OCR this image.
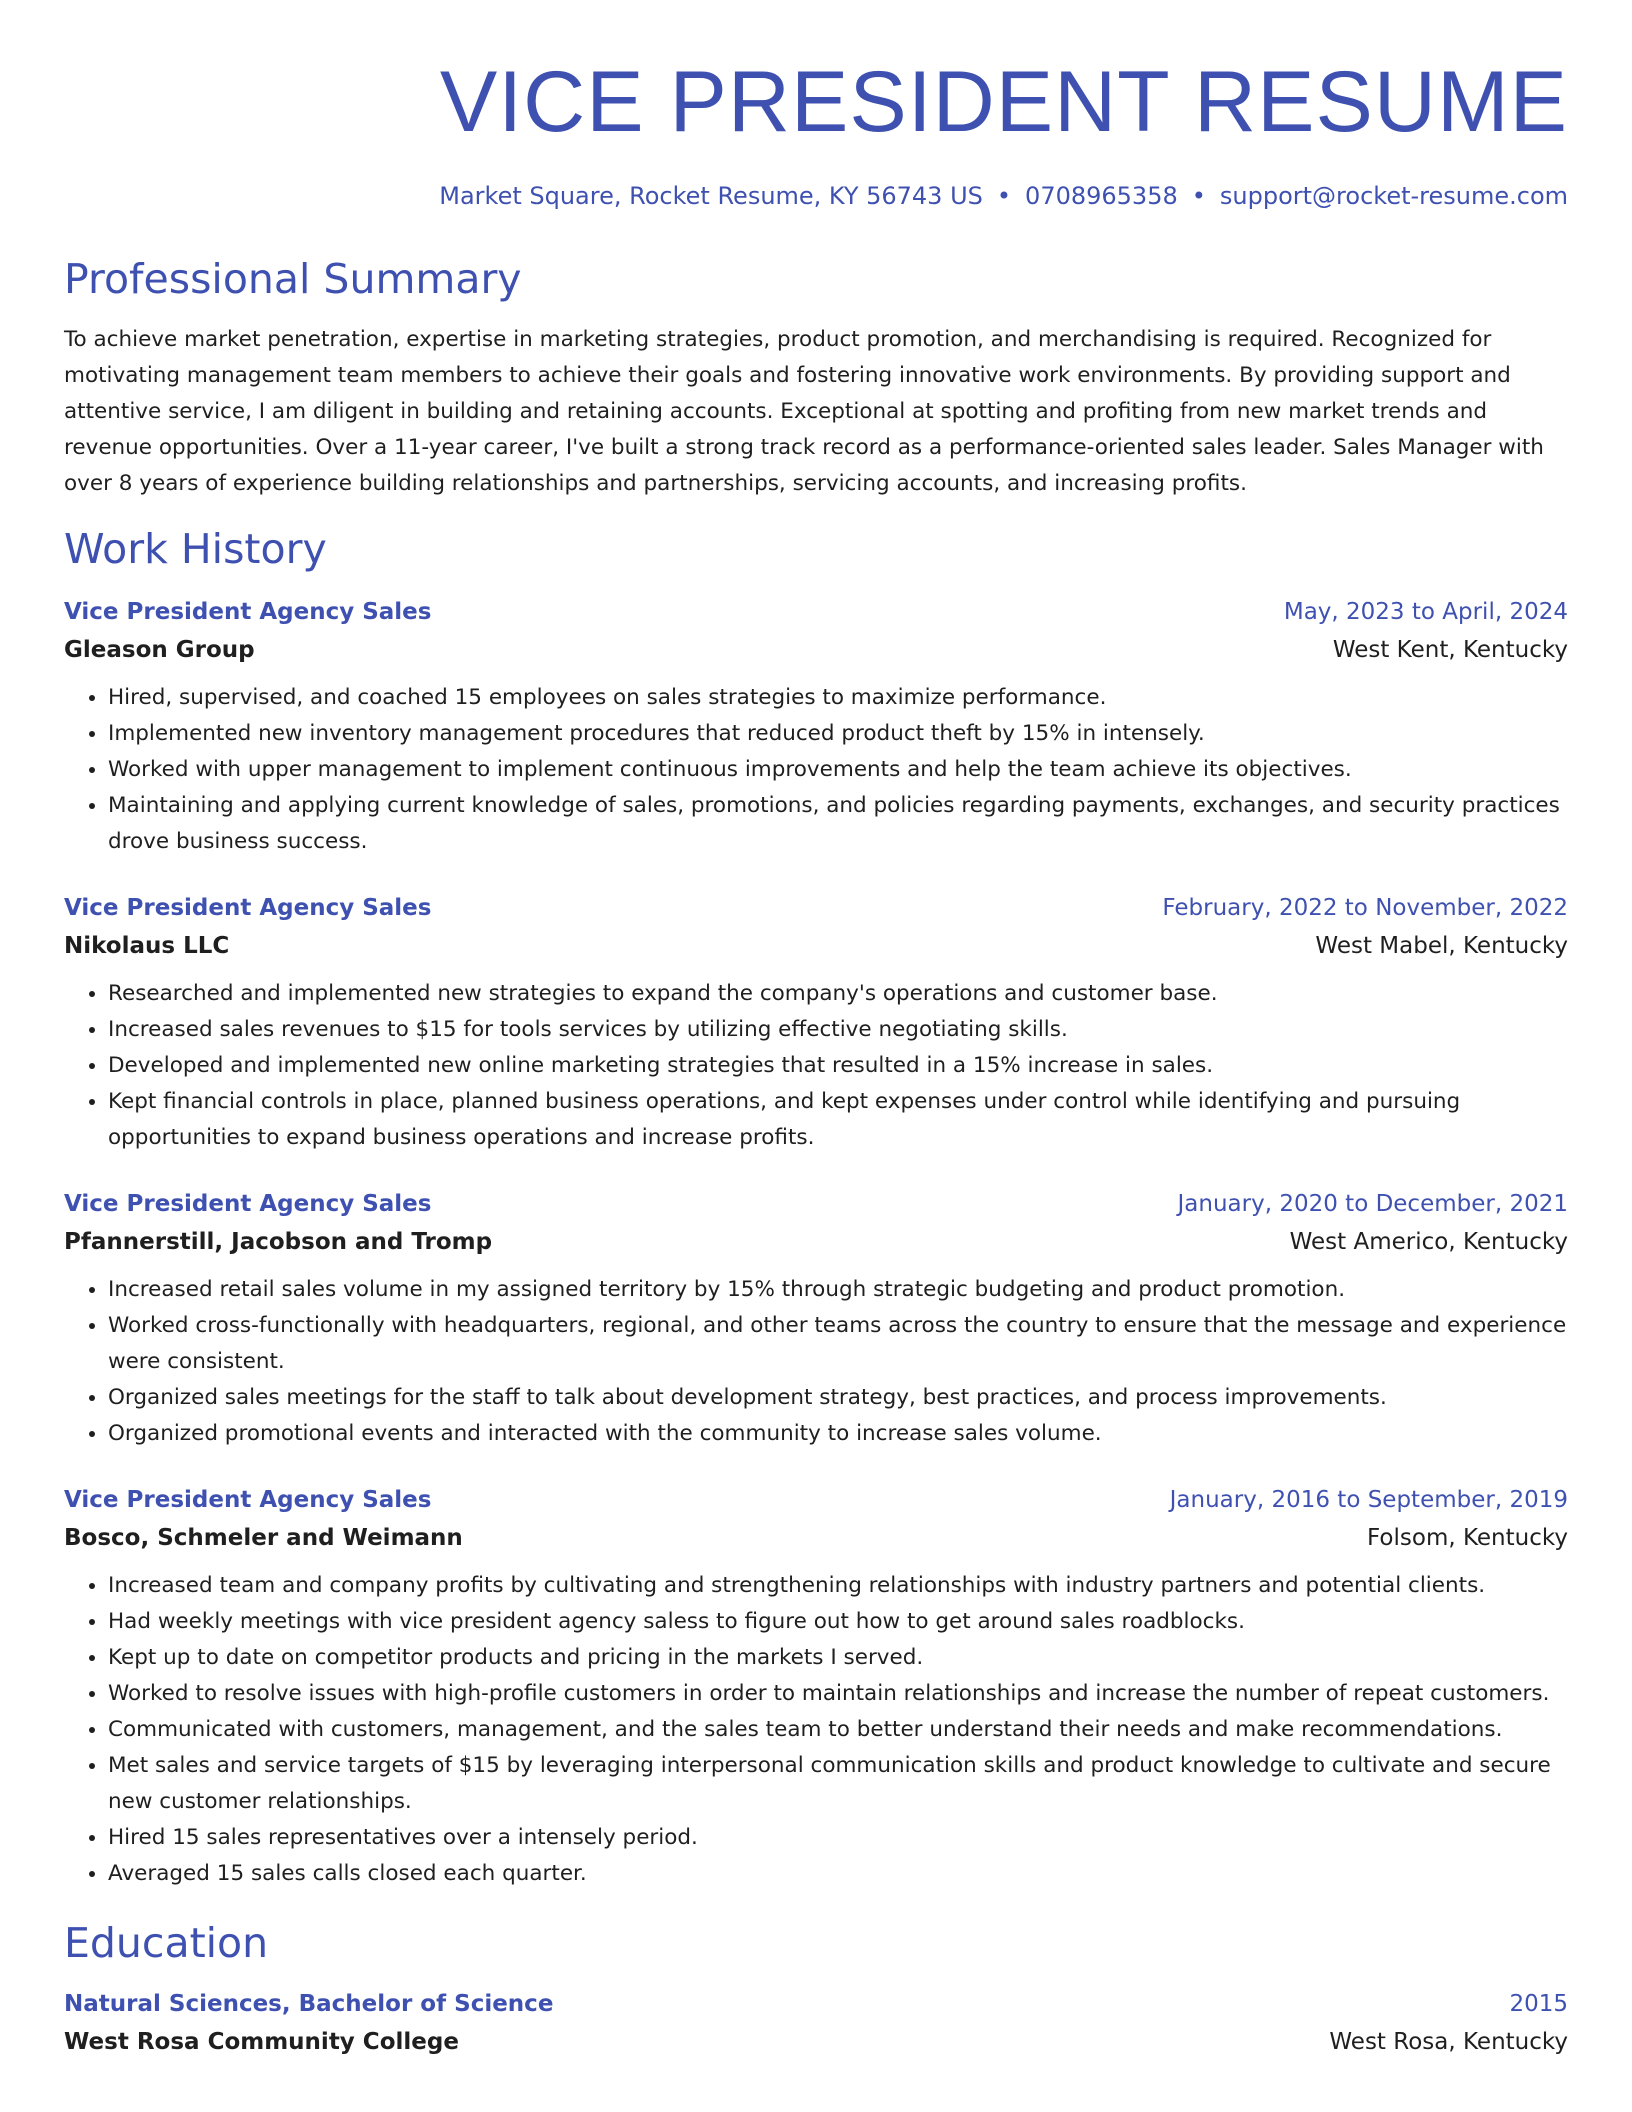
VICE PRESIDENT RESUME
Market Square, Rocket Resume, KY 56743 US • 0708965358 • support@rocket-resume.com
Professional Summary
To achieve market penetration, expertise in marketing strategies, product promotion, and merchandising is required. Recognized for motivating management team members to achieve their goals and fostering innovative work environments. By providing support and attentive service, I am diligent in building and retaining accounts. Exceptional at spotting and profiting from new market trends and revenue opportunities. Over a 11-year career, I've built a strong track record as a performance-oriented sales leader. Sales Manager with over 8 years of experience building relationships and partnerships, servicing accounts, and increasing profits.
Work History
Vice President Agency Sales	May, 2023 to April, 2024
Gleason Group	West Kent, Kentucky
• Hired, supervised, and coached 15 employees on sales strategies to maximize performance.
• Implemented new inventory management procedures that reduced product theft by 15% in intensely.
• Worked with upper management to implement continuous improvements and help the team achieve its objectives.
• Maintaining and applying current knowledge of sales, promotions, and policies regarding payments, exchanges, and security practices drove business success.
Vice President Agency Sales	February, 2022 to November, 2022
Nikolaus LLC	West Mabel, Kentucky
• Researched and implemented new strategies to expand the company's operations and customer base.
• Increased sales revenues to $15 for tools services by utilizing effective negotiating skills.
• Developed and implemented new online marketing strategies that resulted in a 15% increase in sales.
• Kept financial controls in place, planned business operations, and kept expenses under control while identifying and pursuing opportunities to expand business operations and increase profits.
Vice President Agency Sales	January, 2020 to December, 2021
Pfannerstill, Jacobson and Tromp	West Americo, Kentucky
• Increased retail sales volume in my assigned territory by 15% through strategic budgeting and product promotion.
• Worked cross-functionally with headquarters, regional, and other teams across the country to ensure that the message and experience were consistent.
• Organized sales meetings for the staff to talk about development strategy, best practices, and process improvements.
• Organized promotional events and interacted with the community to increase sales volume.
Vice President Agency Sales	January, 2016 to September, 2019
Bosco, Schmeler and Weimann	Folsom, Kentucky
• Increased team and company profits by cultivating and strengthening relationships with industry partners and potential clients.
• Had weekly meetings with vice president agency saless to figure out how to get around sales roadblocks.
• Kept up to date on competitor products and pricing in the markets I served.
• Worked to resolve issues with high-profile customers in order to maintain relationships and increase the number of repeat customers.
• Communicated with customers, management, and the sales team to better understand their needs and make recommendations.
• Met sales and service targets of $15 by leveraging interpersonal communication skills and product knowledge to cultivate and secure new customer relationships.
• Hired 15 sales representatives over a intensely period.
• Averaged 15 sales calls closed each quarter.
Education
Natural Sciences, Bachelor of Science	2015
West Rosa Community College	West Rosa, Kentucky
